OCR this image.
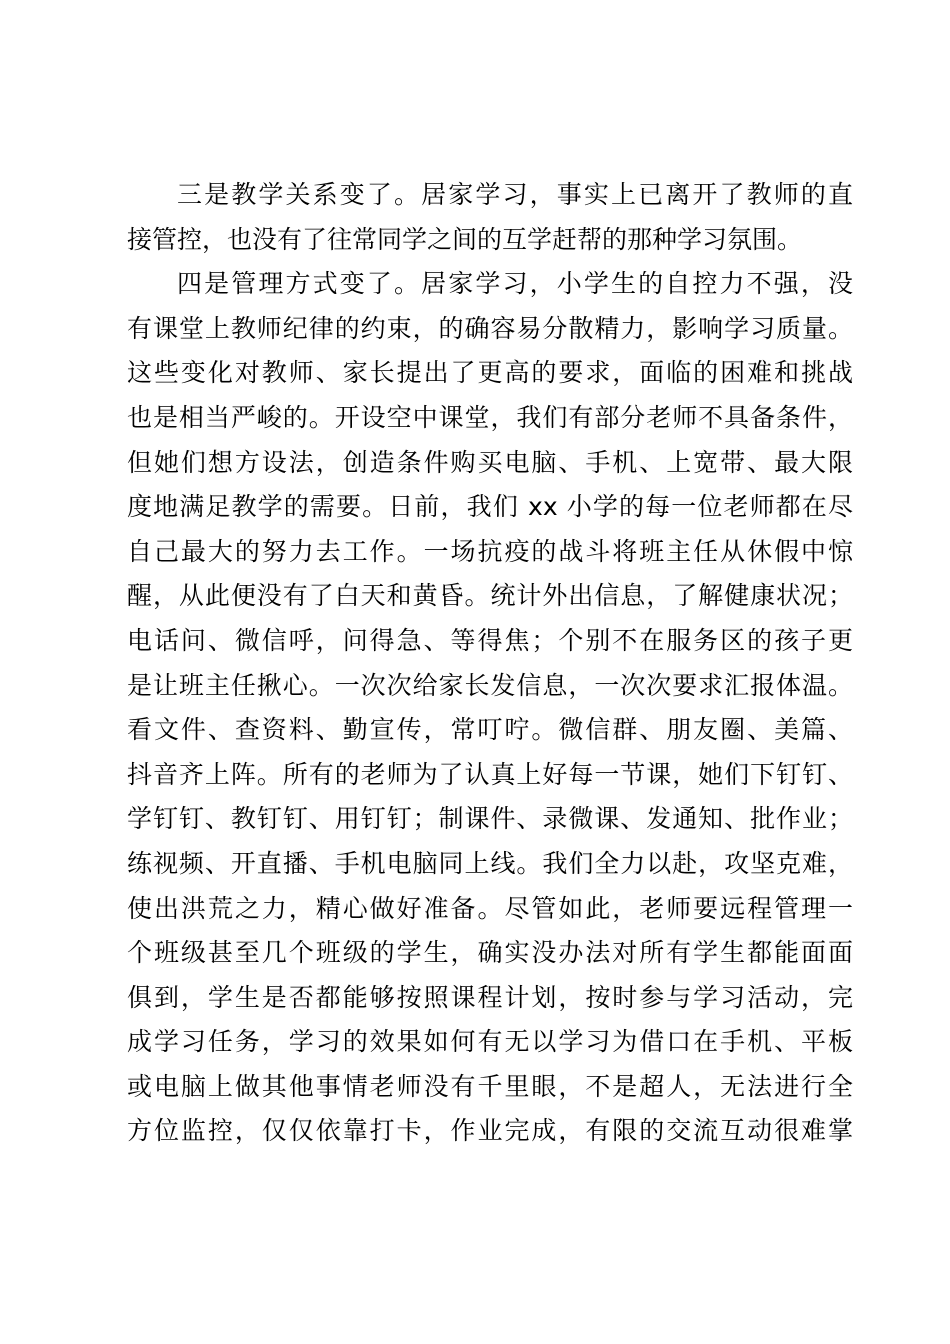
三是教学关系变了。居家学习，事实上已离开了教师的直
接管控，也没有了往常同学之间的互学赶帮的那种学习氛围。
四是管理方式变了。居家学习，小学生的自控力不强，没
有课堂上教师纪律的约束，的确容易分散精力，影响学习质量。
这些变化对教师、家长提出了更高的要求，面临的困难和挑战
也是相当严峻的。开设空中课堂，我们有部分老师不具备条件，
但她们想方设法，创造条件购买电脑、手机、上宽带、最大限
度地满足教学的需要。日前，我们 xx 小学的每一位老师都在尽
自己最大的努力去工作。一场抗疫的战斗将班主任从休假中惊
醒，从此便没有了白天和黄昏。统计外出信息，了解健康状况；
电话问、微信呼，问得急、等得焦；个别不在服务区的孩子更
是让班主任揪心。一次次给家长发信息，一次次要求汇报体温。
看文件、查资料、勤宣传，常叮咛。微信群、朋友圈、美篇、
抖音齐上阵。所有的老师为了认真上好每一节课，她们下钉钉、
学钉钉、教钉钉、用钉钉；制课件、录微课、发通知、批作业；
练视频、开直播、手机电脑同上线。我们全力以赴，攻坚克难，
使出洪荒之力，精心做好准备。尽管如此，老师要远程管理一
个班级甚至几个班级的学生，确实没办法对所有学生都能面面
俱到，学生是否都能够按照课程计划，按时参与学习活动，完
成学习任务，学习的效果如何有无以学习为借口在手机、平板
或电脑上做其他事情老师没有千里眼，不是超人，无法进行全
方位监控，仅仅依靠打卡，作业完成，有限的交流互动很难掌
